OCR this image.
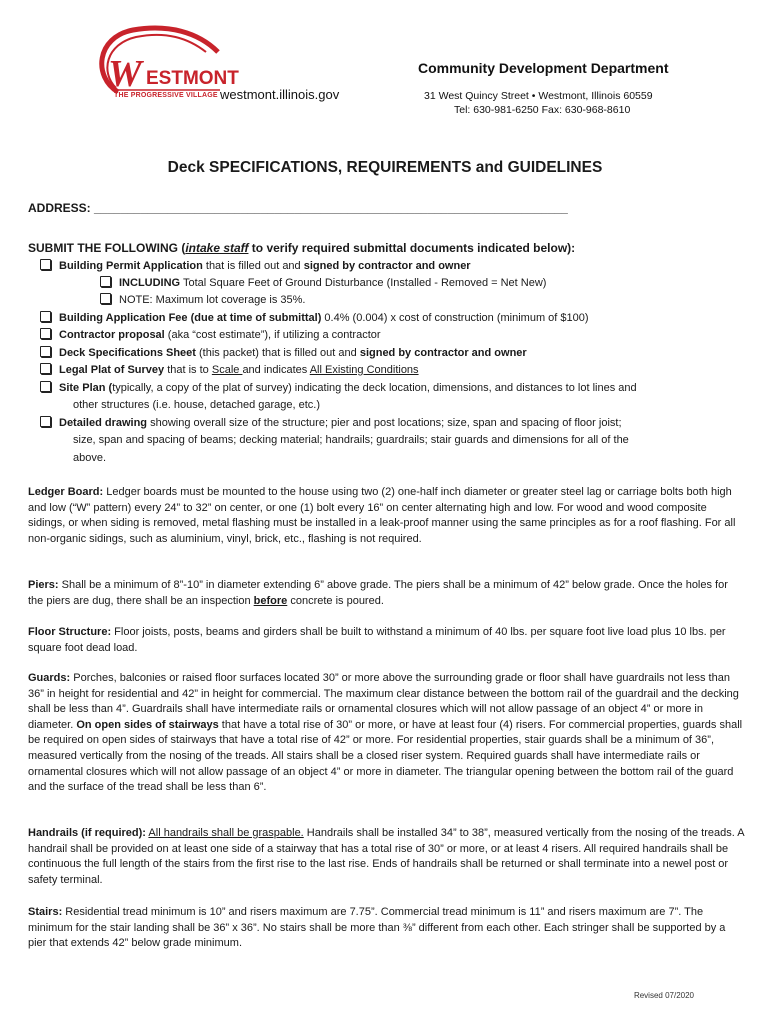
W ESTMONT
THE PROGRESSIVE VILLAGE westmont.illinois.gov
Community Development Department
31 West Quincy Street • Westmont, Illinois 60559
Tel: 630-981-6250 Fax: 630-968-8610
Deck SPECIFICATIONS, REQUIREMENTS and GUIDELINES
ADDRESS: _______________________________________________________________________
SUBMIT THE FOLLOWING (intake staff to verify required submittal documents indicated below):
Building Permit Application that is filled out and signed by contractor and owner
INCLUDING Total Square Feet of Ground Disturbance (Installed - Removed = Net New)
NOTE: Maximum lot coverage is 35%.
Building Application Fee (due at time of submittal) 0.4% (0.004) x cost of construction (minimum of $100)
Contractor proposal (aka “cost estimate”), if utilizing a contractor
Deck Specifications Sheet (this packet) that is filled out and signed by contractor and owner
Legal Plat of Survey that is to Scale and indicates All Existing Conditions
Site Plan (typically, a copy of the plat of survey) indicating the deck location, dimensions, and distances to lot lines and
other structures (i.e. house, detached garage, etc.)
Detailed drawing showing overall size of the structure; pier and post locations; size, span and spacing of floor joist;
size, span and spacing of beams; decking material; handrails; guardrails; stair guards and dimensions for all of the
above.
Ledger Board: Ledger boards must be mounted to the house using two (2) one-half inch diameter or greater steel lag or carriage bolts both high and low (“W” pattern) every 24” to 32” on center, or one (1) bolt every 16” on center alternating high and low. For wood and wood composite sidings, or when siding is removed, metal flashing must be installed in a leak-proof manner using the same principles as for a roof flashing. For all non-organic sidings, such as aluminium, vinyl, brick, etc., flashing is not required.
Piers: Shall be a minimum of 8”-10” in diameter extending 6” above grade. The piers shall be a minimum of 42” below grade. Once the holes for the piers are dug, there shall be an inspection before concrete is poured.
Floor Structure: Floor joists, posts, beams and girders shall be built to withstand a minimum of 40 lbs. per square foot live load plus 10 lbs. per square foot dead load.
Guards: Porches, balconies or raised floor surfaces located 30” or more above the surrounding grade or floor shall have guardrails not less than 36” in height for residential and 42” in height for commercial. The maximum clear distance between the bottom rail of the guardrail and the decking shall be less than 4”. Guardrails shall have intermediate rails or ornamental closures which will not allow passage of an object 4” or more in diameter. On open sides of stairways that have a total rise of 30” or more, or have at least four (4) risers. For commercial properties, guards shall be required on open sides of stairways that have a total rise of 42” or more. For residential properties, stair guards shall be a minimum of 36”, measured vertically from the nosing of the treads. All stairs shall be a closed riser system. Required guards shall have intermediate rails or ornamental closures which will not allow passage of an object 4” or more in diameter. The triangular opening between the bottom rail of the guard and the surface of the tread shall be less than 6”.
Handrails (if required): All handrails shall be graspable. Handrails shall be installed 34” to 38”, measured vertically from the nosing of the treads. A handrail shall be provided on at least one side of a stairway that has a total rise of 30” or more, or at least 4 risers. All required handrails shall be continuous the full length of the stairs from the first rise to the last rise. Ends of handrails shall be returned or shall terminate into a newel post or safety terminal.
Stairs: Residential tread minimum is 10” and risers maximum are 7.75”. Commercial tread minimum is 11” and risers maximum are 7”. The minimum for the stair landing shall be 36” x 36”. No stairs shall be more than ⅜” different from each other. Each stringer shall be supported by a pier that extends 42” below grade minimum.
Revised 07/2020
